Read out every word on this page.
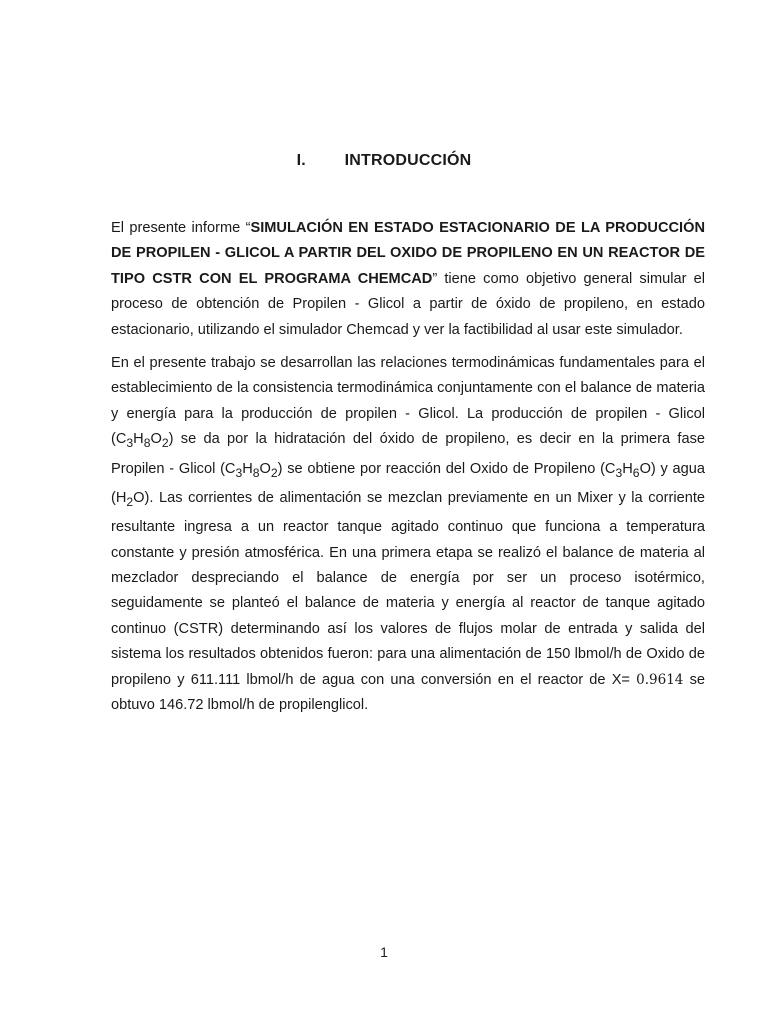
I. INTRODUCCIÓN

El presente informe “SIMULACIÓN EN ESTADO ESTACIONARIO DE LA PRODUCCIÓN DE PROPILEN - GLICOL A PARTIR DEL OXIDO DE PROPILENO EN UN REACTOR DE TIPO CSTR CON EL PROGRAMA CHEMCAD” tiene como objetivo general simular el proceso de obtención de Propilen - Glicol a partir de óxido de propileno, en estado estacionario, utilizando el simulador Chemcad y ver la factibilidad al usar este simulador.

En el presente trabajo se desarrollan las relaciones termodinámicas fundamentales para el establecimiento de la consistencia termodinámica conjuntamente con el balance de materia y energía para la producción de propilen - Glicol. La producción de propilen - Glicol $(C_3H_8O_2)$ se da por la hidratación del óxido de propileno, es decir en la primera fase Propilen - Glicol $(C_3H_8O_2)$ se obtiene por reacción del Oxido de Propileno $(C_3H_6O)$ y agua $(H_2O)$. Las corrientes de alimentación se mezclan previamente en un Mixer y la corriente resultante ingresa a un reactor tanque agitado continuo que funciona a temperatura constante y presión atmosférica. En una primera etapa se realizó el balance de materia al mezclador despreciando el balance de energía por ser un proceso isotérmico, seguidamente se planteó el balance de materia y energía al reactor de tanque agitado continuo (CSTR) determinando así los valores de flujos molar de entrada y salida del sistema los resultados obtenidos fueron: para una alimentación de 150 lbmol/h de Oxido de propileno y 611.111 lbmol/h de agua con una conversión en el reactor de X= 0.9614 se obtuvo 146.72 lbmol/h de propilenglicol.

1
